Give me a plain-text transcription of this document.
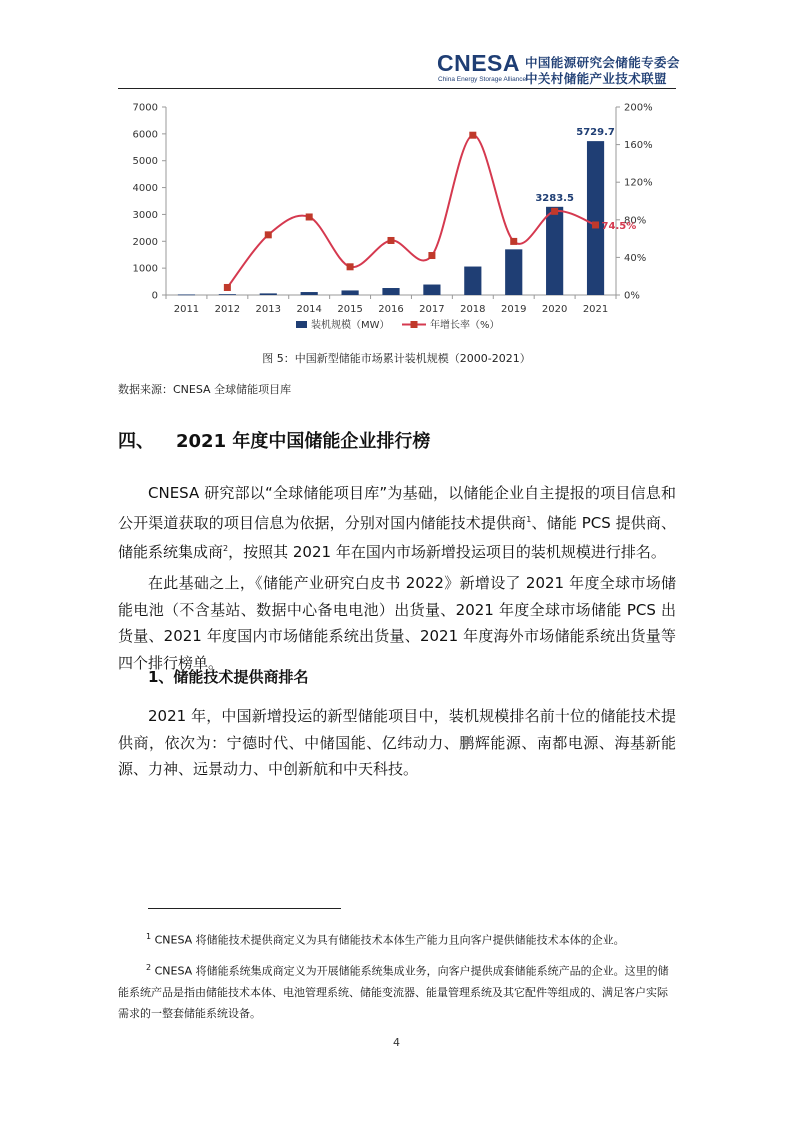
CNESA
China Energy Storage Alliance
中国能源研究会储能专委会
中关村储能产业技术联盟
0
1000
2000
3000
4000
5000
6000
7000
0%
40%
80%
120%
160%
200%
2011 2012 2013 2014 2015 2016 2017 2018 2019 2020 2021
3283.5
5729.7
74.5%
装机规模（MW）	年增长率（%）
图 5：中国新型储能市场累计装机规模（2000-2021）
数据来源：CNESA 全球储能项目库
四、 2021 年度中国储能企业排行榜

CNESA 研究部以“全球储能项目库”为基础，以储能企业自主提报的项目信息和公开渠道获取的项目信息为依据，分别对国内储能技术提供商$^1$、储能 PCS 提供商、储能系统集成商$^2$，按照其 2021 年在国内市场新增投运项目的装机规模进行排名。

在此基础之上，《储能产业研究白皮书 2022》新增设了 2021 年度全球市场储能电池（不含基站、数据中心备电电池）出货量、2021 年度全球市场储能 PCS 出货量、2021 年度国内市场储能系统出货量、2021 年度海外市场储能系统出货量等四个排行榜单。

1、储能技术提供商排名

2021 年，中国新增投运的新型储能项目中，装机规模排名前十位的储能技术提供商，依次为：宁德时代、中储国能、亿纬动力、鹏辉能源、南都电源、海基新能源、力神、远景动力、中创新航和中天科技。

$^1$ CNESA 将储能技术提供商定义为具有储能技术本体生产能力且向客户提供储能技术本体的企业。

$^2$ CNESA 将储能系统集成商定义为开展储能系统集成业务，向客户提供成套储能系统产品的企业。这里的储能系统产品是指由储能技术本体、电池管理系统、储能变流器、能量管理系统及其它配件等组成的、满足客户实际需求的一整套储能系统设备。

4
